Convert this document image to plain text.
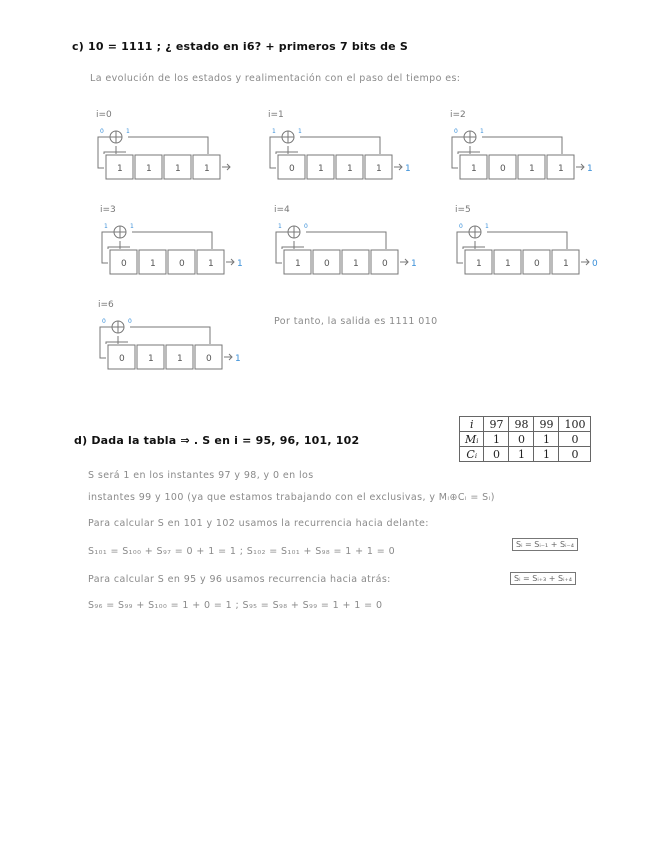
c) 10 = 1111 ; ¿ estado en i6? + primeros 7 bits de S
La evolución de los estados y realimentación con el paso del tiempo es:
i=0
0	1
1	1	1	1
i=1
1	1
0	1	1	1	1
i=2
0	1
1	0	1	1	1
i=3
1	1
0	1	0	1	1
i=4
1	0
1	0	1	0	1
i=5
0	1
1	1	0	1	0
i=6
0	0
0	1	1	0	1
Por tanto, la salida es 1111 010
d) Dada la tabla ⇒ . S en i = 95, 96, 101, 102
i	97	98	99	100
Mᵢ	1	0	1	0
Cᵢ	0	1	1	0
S será 1 en los instantes 97 y 98, y 0 en los
instantes 99 y 100 (ya que estamos trabajando con el exclusivas, y Mᵢ⊕Cᵢ = Sᵢ)
Para calcular S en 101 y 102 usamos la recurrencia hacia delante:
Sᵢ = Sᵢ₋₁ + Sᵢ₋₄
S₁₀₁ = S₁₀₀ + S₉₇ = 0 + 1 = 1 ; S₁₀₂ = S₁₀₁ + S₉₈ = 1 + 1 = 0
Para calcular S en 95 y 96 usamos recurrencia hacia atrás:	Sᵢ = Sᵢ₊₃ + Sᵢ₊₄
S₉₆ = S₉₉ + S₁₀₀ = 1 + 0 = 1 ; S₉₅ = S₉₈ + S₉₉ = 1 + 1 = 0
